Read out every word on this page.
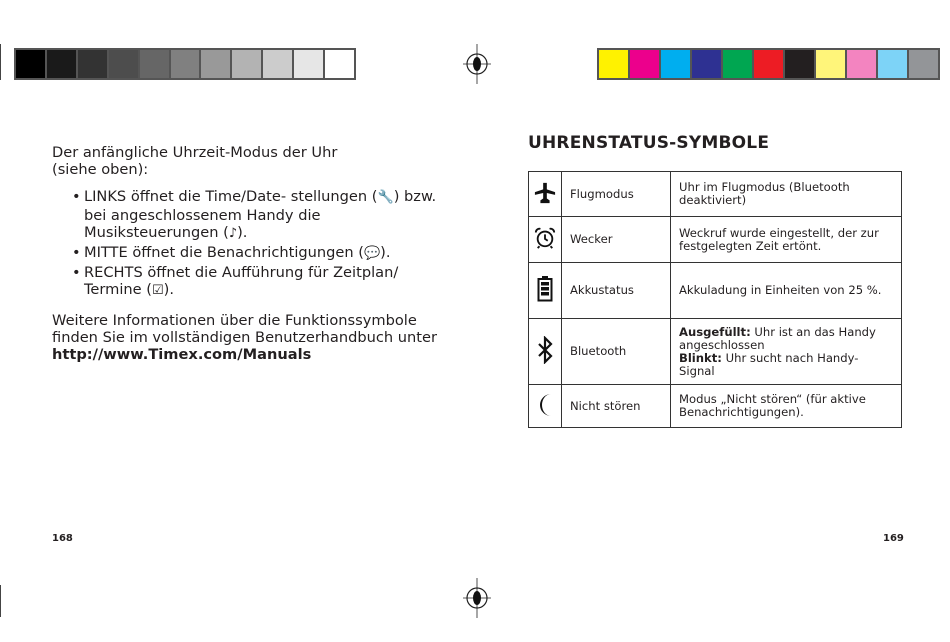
Der anfängliche Uhrzeit-Modus der Uhr
(siehe oben):

• LINKS öffnet die Time/Date- stellungen (🔧) bzw. bei angeschlossenem Handy die Musiksteuerungen (♪).
• MITTE öffnet die Benachrichtigungen (💬).
• RECHTS öffnet die Aufführung für Zeitplan/ Termine (☑).

Weitere Informationen über die Funktionssymbole finden Sie im vollständigen Benutzerhandbuch unter http://www.Timex.com/Manuals

168
UHRENSTATUS-SYMBOLE
	Flugmodus	Uhr im Flugmodus (Bluetooth deaktiviert)
	Wecker	Weckruf wurde eingestellt, der zur festgelegten Zeit ertönt.
	Akkustatus	Akkuladung in Einheiten von 25 %.
	Bluetooth	Ausgefüllt: Uhr ist an das Handy angeschlossen
Blinkt: Uhr sucht nach Handy-Signal
	Nicht stören	Modus „Nicht stören“ (für aktive Benachrichtigungen).
169
